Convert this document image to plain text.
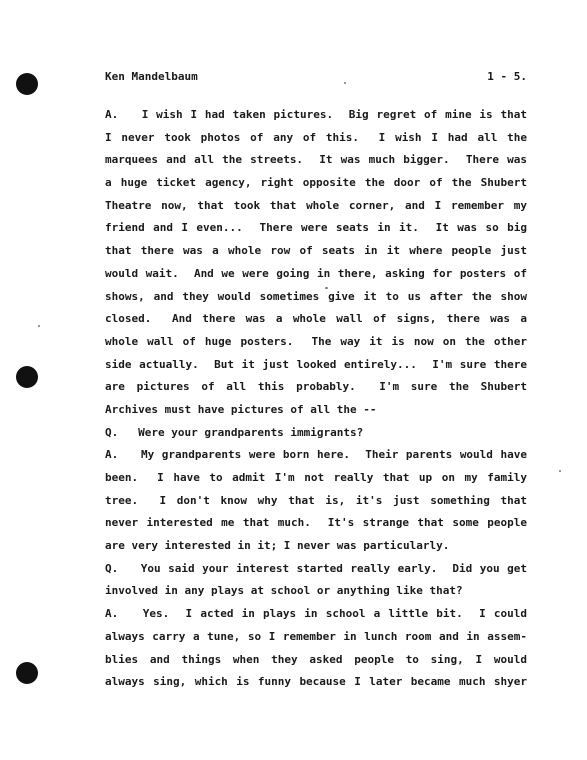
Ken Mandelbaum	1 - 5.
A.   I wish I had taken pictures.  Big regret of mine is that
I never took photos of any of this.  I wish I had all the
marquees and all the streets.  It was much bigger.  There was
a huge ticket agency, right opposite the door of the Shubert
Theatre now, that took that whole corner, and I remember my
friend and I even...  There were seats in it.  It was so big
that there was a whole row of seats in it where people just
would wait.  And we were going in there, asking for posters of
shows, and they would sometimes give it to us after the show
closed.  And there was a whole wall of signs, there was a
whole wall of huge posters.  The way it is now on the other
side actually.  But it just looked entirely...  I'm sure there
are pictures of all this probably.  I'm sure the Shubert
Archives must have pictures of all the --
Q.   Were your grandparents immigrants?
A.   My grandparents were born here.  Their parents would have
been.  I have to admit I'm not really that up on my family
tree.  I don't know why that is, it's just something that
never interested me that much.  It's strange that some people
are very interested in it; I never was particularly.
Q.   You said your interest started really early.  Did you get
involved in any plays at school or anything like that?
A.   Yes.  I acted in plays in school a little bit.  I could
always carry a tune, so I remember in lunch room and in assem-
blies and things when they asked people to sing, I would
always sing, which is funny because I later became much shyer
